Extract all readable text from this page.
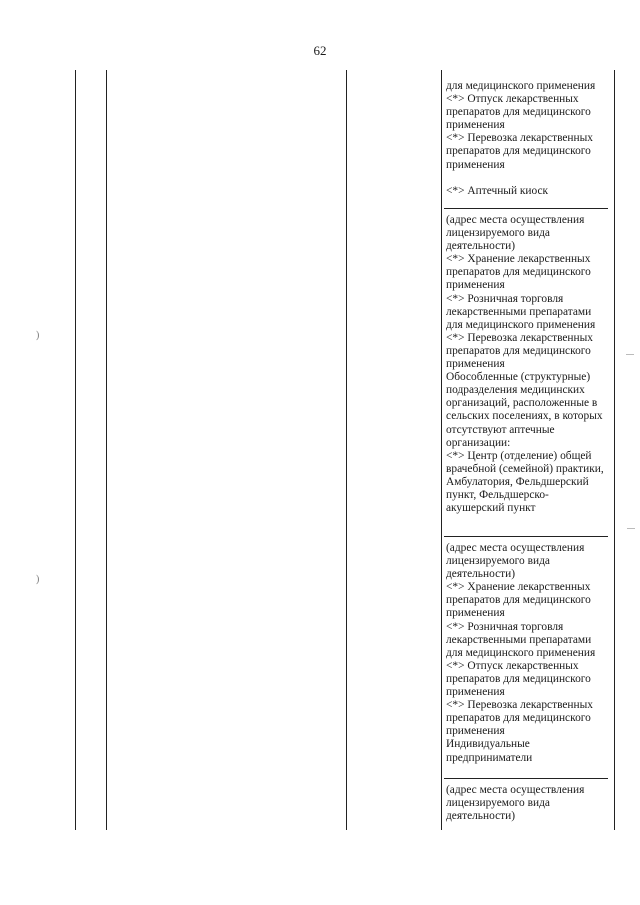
62
для медицинского применения
<*> Отпуск лекарственных
препаратов для медицинского
применения
<*> Перевозка лекарственных
препаратов для медицинского
применения
<*> Аптечный киоск
(адрес места осуществления
лицензируемого вида
деятельности)
<*> Хранение лекарственных
препаратов для медицинского
применения
<*> Розничная торговля
лекарственными препаратами
для медицинского применения
<*> Перевозка лекарственных
препаратов для медицинского
применения
Обособленные (структурные)
подразделения медицинских
организаций, расположенные в
сельских поселениях, в которых
отсутствуют аптечные
организации:
<*> Центр (отделение) общей
врачебной (семейной) практики,
Амбулатория, Фельдшерский
пункт, Фельдшерско-
акушерский пункт
(адрес места осуществления
лицензируемого вида
деятельности)
<*> Хранение лекарственных
препаратов для медицинского
применения
<*> Розничная торговля
лекарственными препаратами
для медицинского применения
<*> Отпуск лекарственных
препаратов для медицинского
применения
<*> Перевозка лекарственных
препаратов для медицинского
применения
Индивидуальные
предприниматели
(адрес места осуществления
лицензируемого вида
деятельности)
)
)
